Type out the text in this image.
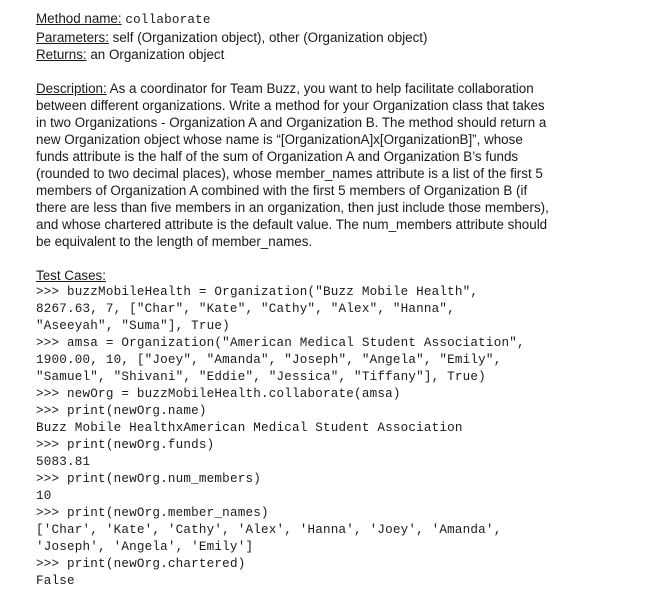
Method name: collaborate
Parameters: self (Organization object), other (Organization object)
Returns: an Organization object
Description: As a coordinator for Team Buzz, you want to help facilitate collaboration
between different organizations. Write a method for your Organization class that takes
in two Organizations - Organization A and Organization B. The method should return a
new Organization object whose name is “[OrganizationA]x[OrganizationB]”, whose
funds attribute is the half of the sum of Organization A and Organization B’s funds
(rounded to two decimal places), whose member_names attribute is a list of the first 5
members of Organization A combined with the first 5 members of Organization B (if
there are less than five members in an organization, then just include those members),
and whose chartered attribute is the default value. The num_members attribute should
be equivalent to the length of member_names.
Test Cases:
>>> buzzMobileHealth = Organization("Buzz Mobile Health",
8267.63, 7, ["Char", "Kate", "Cathy", "Alex", "Hanna",
"Aseeyah", "Suma"], True)
>>> amsa = Organization("American Medical Student Association",
1900.00, 10, ["Joey", "Amanda", "Joseph", "Angela", "Emily",
"Samuel", "Shivani", "Eddie", "Jessica", "Tiffany"], True)
>>> newOrg = buzzMobileHealth.collaborate(amsa)
>>> print(newOrg.name)
Buzz Mobile HealthxAmerican Medical Student Association
>>> print(newOrg.funds)
5083.81
>>> print(newOrg.num_members)
10
>>> print(newOrg.member_names)
['Char', 'Kate', 'Cathy', 'Alex', 'Hanna', 'Joey', 'Amanda',
'Joseph', 'Angela', 'Emily']
>>> print(newOrg.chartered)
False
